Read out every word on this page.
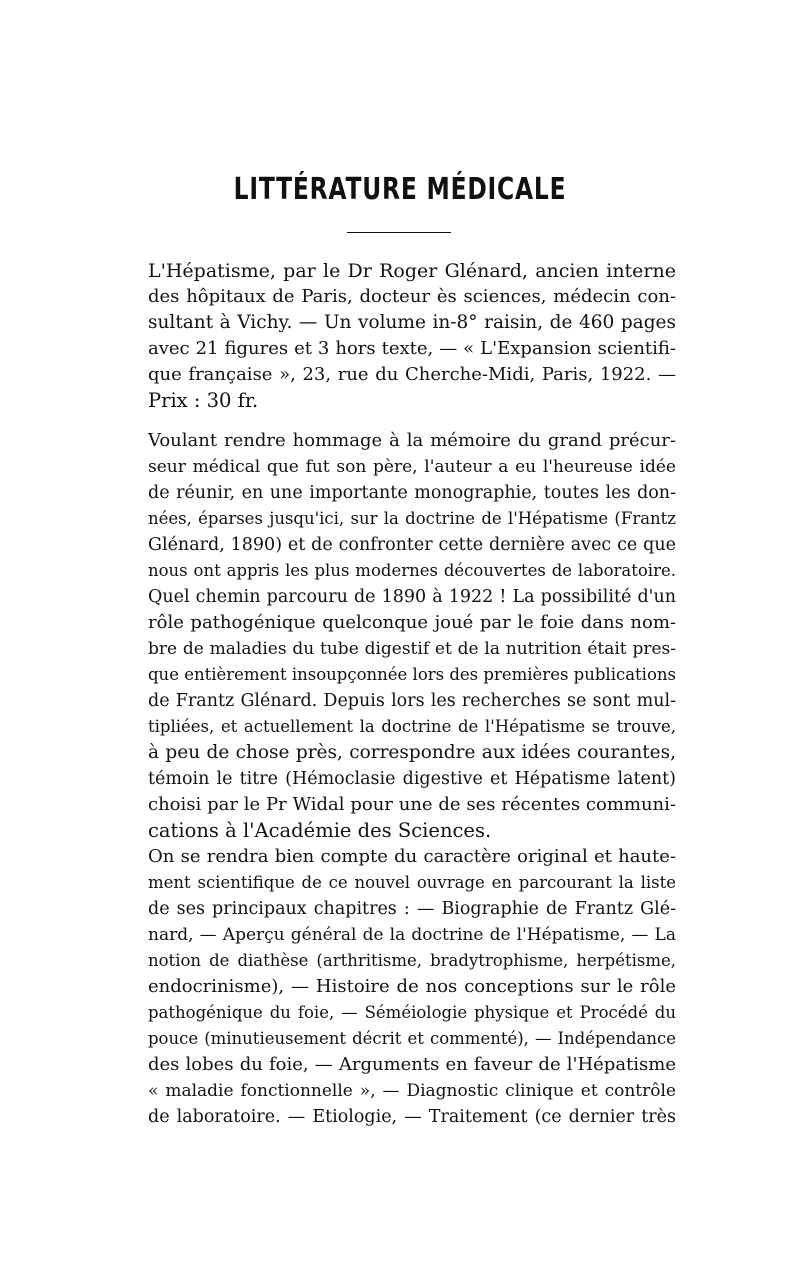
LITTÉRATURE MÉDICALE
L'Hépatisme, par le Dr Roger Glénard, ancien interne
des hôpitaux de Paris, docteur ès sciences, médecin con-
sultant à Vichy. — Un volume in-8° raisin, de 460 pages
avec 21 figures et 3 hors texte, — « L'Expansion scientifi-
que française », 23, rue du Cherche-Midi, Paris, 1922. —
Prix : 30 fr.
Voulant rendre hommage à la mémoire du grand précur-
seur médical que fut son père, l'auteur a eu l'heureuse idée
de réunir, en une importante monographie, toutes les don-
nées, éparses jusqu'ici, sur la doctrine de l'Hépatisme (Frantz
Glénard, 1890) et de confronter cette dernière avec ce que
nous ont appris les plus modernes découvertes de laboratoire.
Quel chemin parcouru de 1890 à 1922 ! La possibilité d'un
rôle pathogénique quelconque joué par le foie dans nom-
bre de maladies du tube digestif et de la nutrition était pres-
que entièrement insoupçonnée lors des premières publications
de Frantz Glénard. Depuis lors les recherches se sont mul-
tipliées, et actuellement la doctrine de l'Hépatisme se trouve,
à peu de chose près, correspondre aux idées courantes,
témoin le titre (Hémoclasie digestive et Hépatisme latent)
choisi par le Pr Widal pour une de ses récentes communi-
cations à l'Académie des Sciences.
On se rendra bien compte du caractère original et haute-
ment scientifique de ce nouvel ouvrage en parcourant la liste
de ses principaux chapitres : — Biographie de Frantz Glé-
nard, — Aperçu général de la doctrine de l'Hépatisme, — La
notion de diathèse (arthritisme, bradytrophisme, herpétisme,
endocrinisme), — Histoire de nos conceptions sur le rôle
pathogénique du foie, — Séméiologie physique et Procédé du
pouce (minutieusement décrit et commenté), — Indépendance
des lobes du foie, — Arguments en faveur de l'Hépatisme
« maladie fonctionnelle », — Diagnostic clinique et contrôle
de laboratoire. — Etiologie, — Traitement (ce dernier très
